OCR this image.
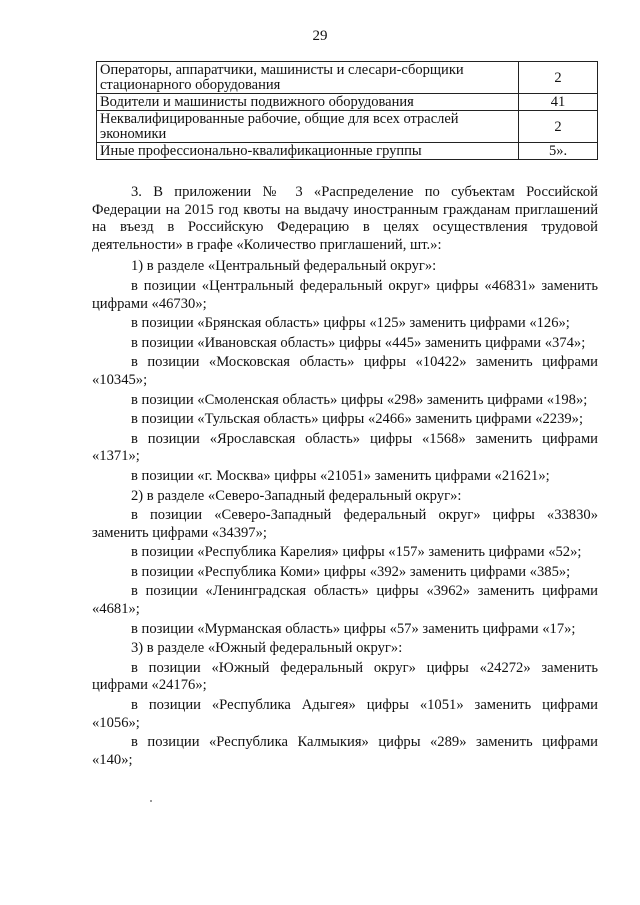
29
Операторы, аппаратчики, машинисты и слесари-сборщики стационарного оборудования	2
Водители и машинисты подвижного оборудования	41
Неквалифицированные рабочие, общие для всех отраслей экономики	2
Иные профессионально-квалификационные группы	5».

3. В приложении № 3 «Распределение по субъектам Российской Федерации на 2015 год квоты на выдачу иностранным гражданам приглашений на въезд в Российскую Федерацию в целях осуществления трудовой деятельности» в графе «Количество приглашений, шт.»:

1) в разделе «Центральный федеральный округ»:

в позиции «Центральный федеральный округ» цифры «46831» заменить цифрами «46730»;

в позиции «Брянская область» цифры «125» заменить цифрами «126»;

в позиции «Ивановская область» цифры «445» заменить цифрами «374»;

в позиции «Московская область» цифры «10422» заменить цифрами «10345»;

в позиции «Смоленская область» цифры «298» заменить цифрами «198»;

в позиции «Тульская область» цифры «2466» заменить цифрами «2239»;

в позиции «Ярославская область» цифры «1568» заменить цифрами «1371»;

в позиции «г. Москва» цифры «21051» заменить цифрами «21621»;

2) в разделе «Северо-Западный федеральный округ»:

в позиции «Северо-Западный федеральный округ» цифры «33830» заменить цифрами «34397»;

в позиции «Республика Карелия» цифры «157» заменить цифрами «52»;

в позиции «Республика Коми» цифры «392» заменить цифрами «385»;

в позиции «Ленинградская область» цифры «3962» заменить цифрами «4681»;

в позиции «Мурманская область» цифры «57» заменить цифрами «17»;

3) в разделе «Южный федеральный округ»:

в позиции «Южный федеральный округ» цифры «24272» заменить цифрами «24176»;

в позиции «Республика Адыгея» цифры «1051» заменить цифрами «1056»;

в позиции «Республика Калмыкия» цифры «289» заменить цифрами «140»;
